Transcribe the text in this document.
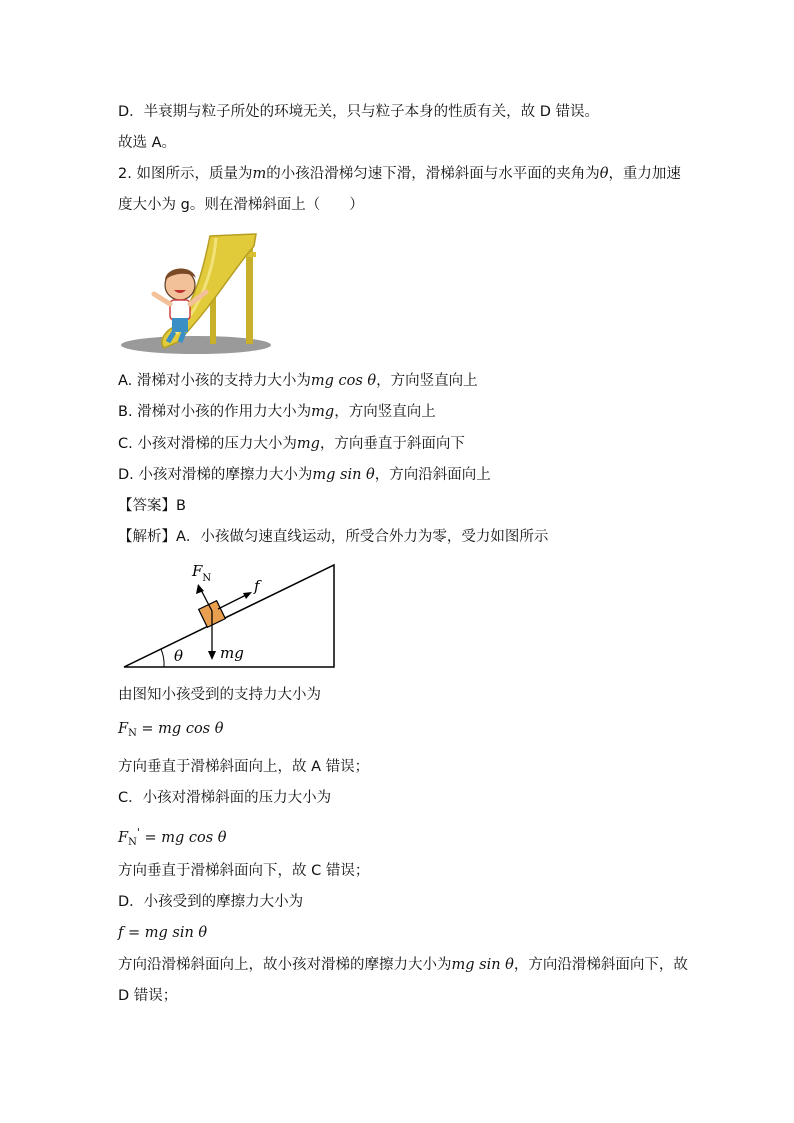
D．半衰期与粒子所处的环境无关，只与粒子本身的性质有关，故 D 错误。
故选 A。
2. 如图所示，质量为m的小孩沿滑梯匀速下滑，滑梯斜面与水平面的夹角为θ，重力加速
度大小为 g。则在滑梯斜面上（　　）
A. 滑梯对小孩的支持力大小为mg cos θ，方向竖直向上
B. 滑梯对小孩的作用力大小为mg，方向竖直向上
C. 小孩对滑梯的压力大小为mg，方向垂直于斜面向下
D. 小孩对滑梯的摩擦力大小为mg sin θ，方向沿斜面向上
【答案】B
【解析】A．小孩做匀速直线运动，所受合外力为零，受力如图所示
θ
$F_N$	f
mg
由图知小孩受到的支持力大小为
$F_N$ = mg cos θ
方向垂直于滑梯斜面向上，故 A 错误；
C．小孩对滑梯斜面的压力大小为
$F_N'$ = mg cos θ
方向垂直于滑梯斜面向下，故 C 错误；
D．小孩受到的摩擦力大小为
f = mg sin θ
方向沿滑梯斜面向上，故小孩对滑梯的摩擦力大小为mg sin θ，方向沿滑梯斜面向下，故
D 错误；
